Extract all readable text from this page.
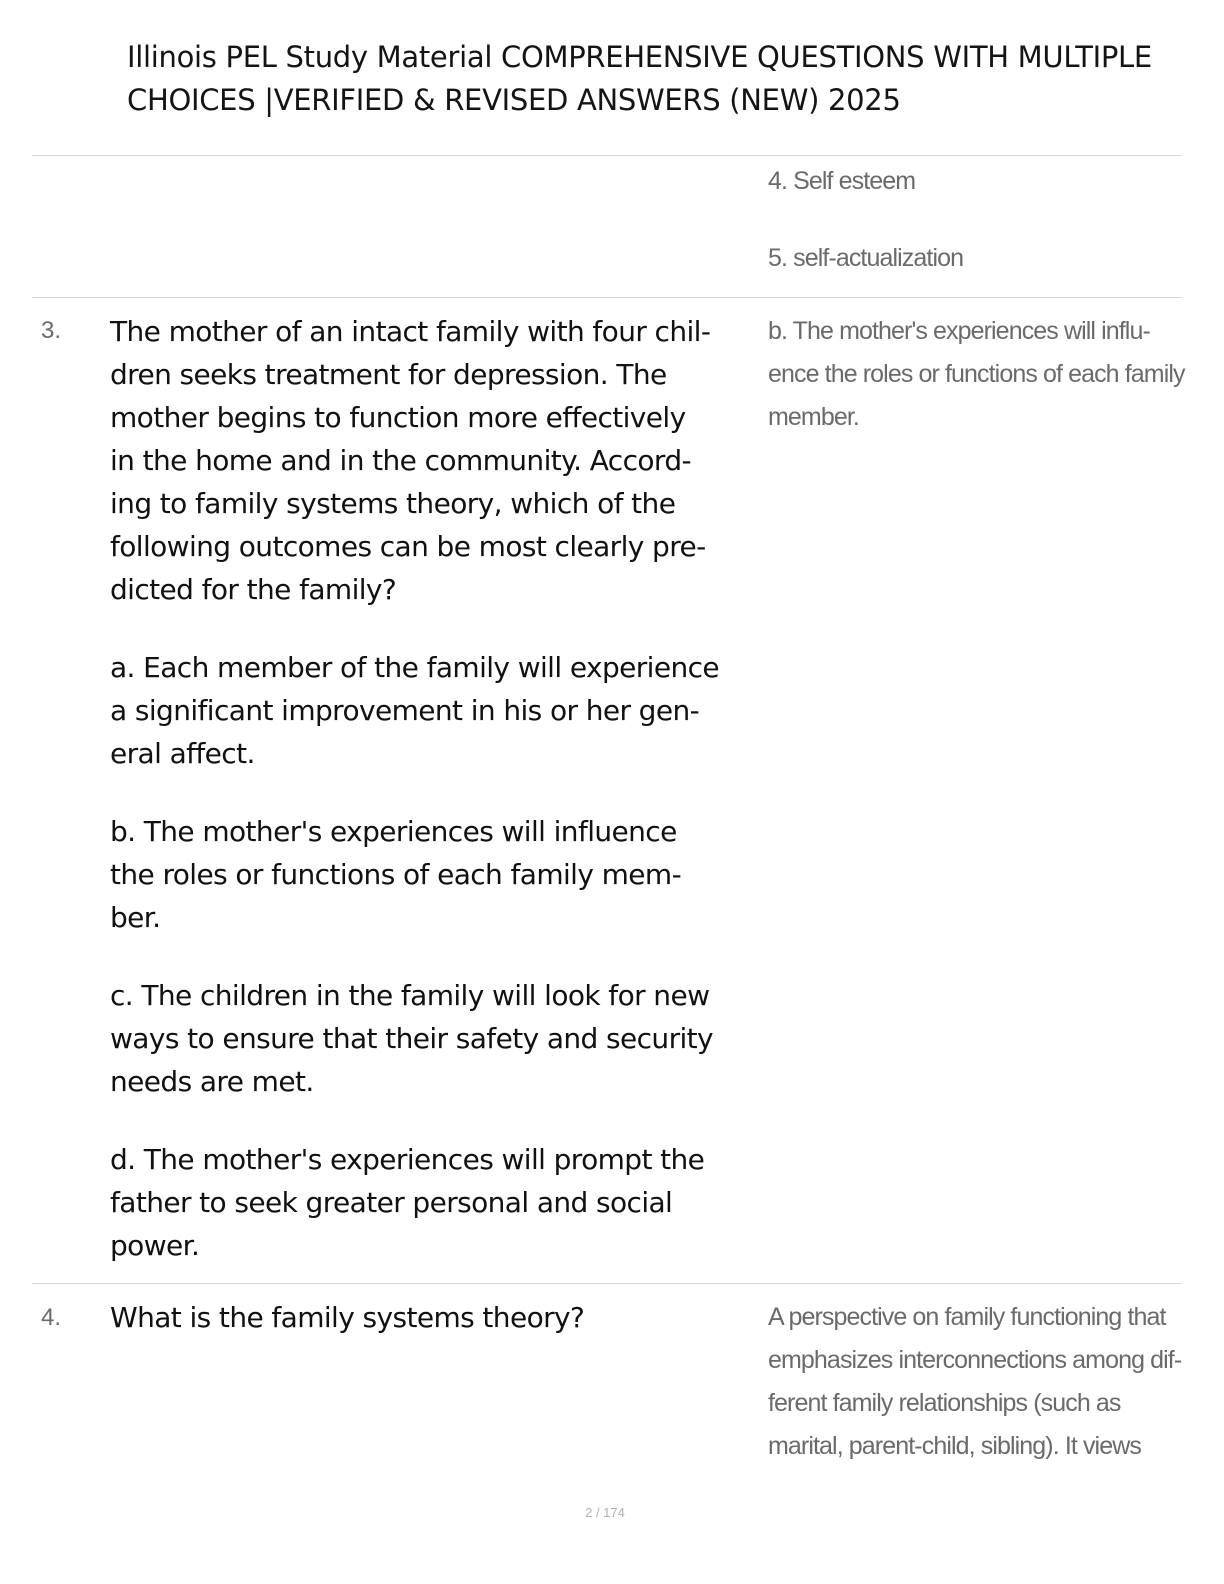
Illinois PEL Study Material COMPREHENSIVE QUESTIONS WITH MULTIPLE
CHOICES |VERIFIED & REVISED ANSWERS (NEW) 2025

4. Self esteem

5. self-actualization

3. The mother of an intact family with four chil-

dren seeks treatment for depression. The

mother begins to function more effectively

in the home and in the community. Accord-

ing to family systems theory, which of the

following outcomes can be most clearly pre-

dicted for the family?

a. Each member of the family will experience

a significant improvement in his or her gen-

eral affect.

b. The mother's experiences will influence

the roles or functions of each family mem-

ber.

c. The children in the family will look for new

ways to ensure that their safety and security

needs are met.

d. The mother's experiences will prompt the

father to seek greater personal and social

power.

b. The mother's experiences will influ-

ence the roles or functions of each family

member.

4. What is the family systems theory?	A perspective on family functioning that

emphasizes interconnections among dif-

ferent family relationships (such as

marital, parent-child, sibling). It views

2 / 174
